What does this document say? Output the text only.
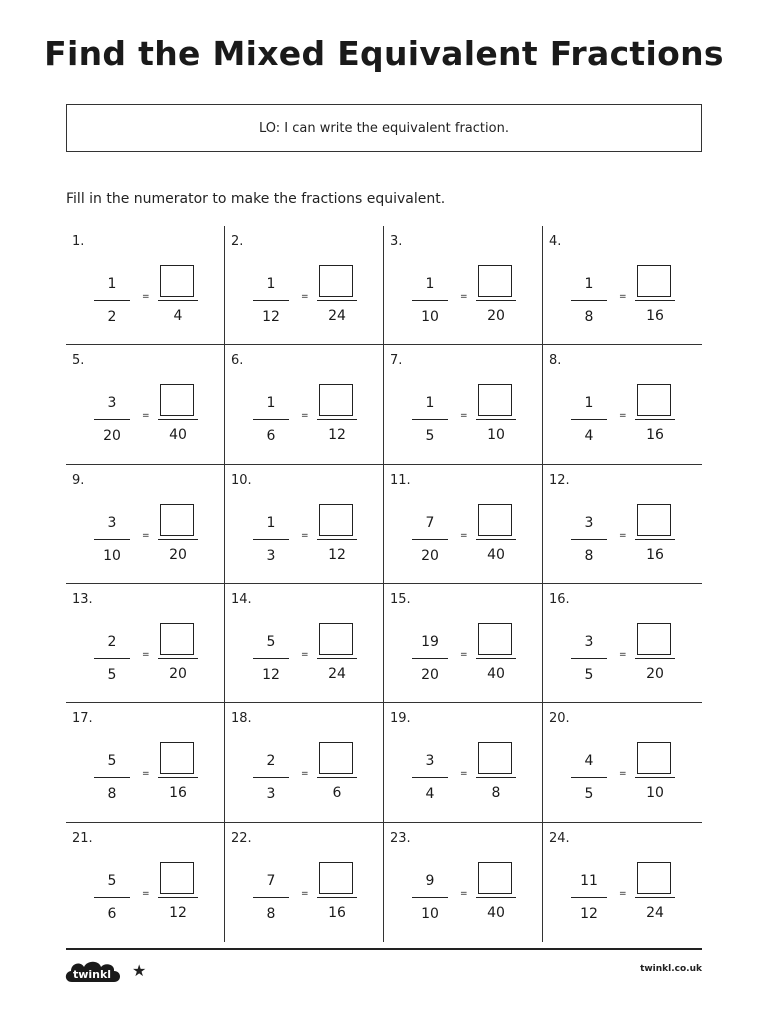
Find the Mixed Equivalent Fractions
LO: I can write the equivalent fraction.
Fill in the numerator to make the fractions equivalent.
1.
1
2
=
4
2.
1
12
=
24
3.
1
10
=
20
4.
1
8
=
16
5.
3
20
=
40
6.
1
6
=
12
7.
1
5
=
10
8.
1
4
=
16
9.
3
10
=
20
10.
1
3
=
12
11.
7
20
=
40
12.
3
8
=
16
13.
2
5
=
20
14.
5
12
=
24
15.
19
20
=
40
16.
3
5
=
20
17.
5
8
=
16
18.
2
3
=
6
19.
3
4
=
8
20.
4
5
=
10
21.
5
6
=
12
22.
7
8
=
16
23.
9
10
=
40
24.
11
12
=
24
twinkl ★	twinkl.co.uk
